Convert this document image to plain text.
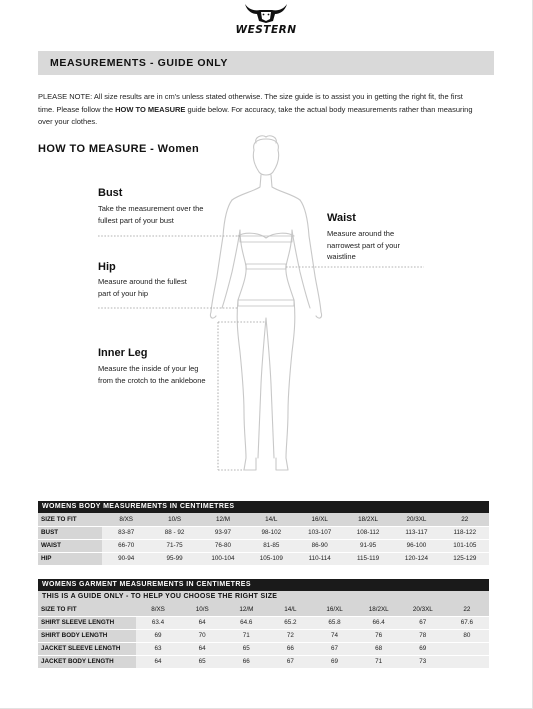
WESTERN
MEASUREMENTS - GUIDE ONLY
PLEASE NOTE: All size results are in cm's unless stated otherwise. The size guide is to assist you in getting the right fit, the first time. Please follow the HOW TO MEASURE guide below. For accuracy, take the actual body measurements rather than measuring over your clothes.
HOW TO MEASURE - Women
Bust
Take the measurement over the fullest part of your bust	Waist
Measure around the narrowest part of your waistline
Hip
Measure around the fullest part of your hip
Inner Leg
Measure the inside of your leg from the crotch to the anklebone
WOMENS BODY MEASUREMENTS IN CENTIMETRES
SIZE TO FIT	8/XS	10/S	12/M	14/L	16/XL	18/2XL	20/3XL	22
BUST	83-87	88 - 92	93-97	98-102	103-107	108-112	113-117	118-122
WAIST	66-70	71-75	76-80	81-85	86-90	91-95	96-100	101-105
HIP	90-94	95-99	100-104	105-109	110-114	115-119	120-124	125-129
WOMENS GARMENT MEASUREMENTS IN CENTIMETRES
THIS IS A GUIDE ONLY - TO HELP YOU CHOOSE THE RIGHT SIZE
SIZE TO FIT	8/XS	10/S	12/M	14/L	16/XL	18/2XL	20/3XL	22
SHIRT SLEEVE LENGTH	63.4	64	64.6	65.2	65.8	66.4	67	67.6
SHIRT BODY LENGTH	69	70	71	72	74	76	78	80
JACKET SLEEVE LENGTH	63	64	65	66	67	68	69	
JACKET BODY LENGTH	64	65	66	67	69	71	73	
